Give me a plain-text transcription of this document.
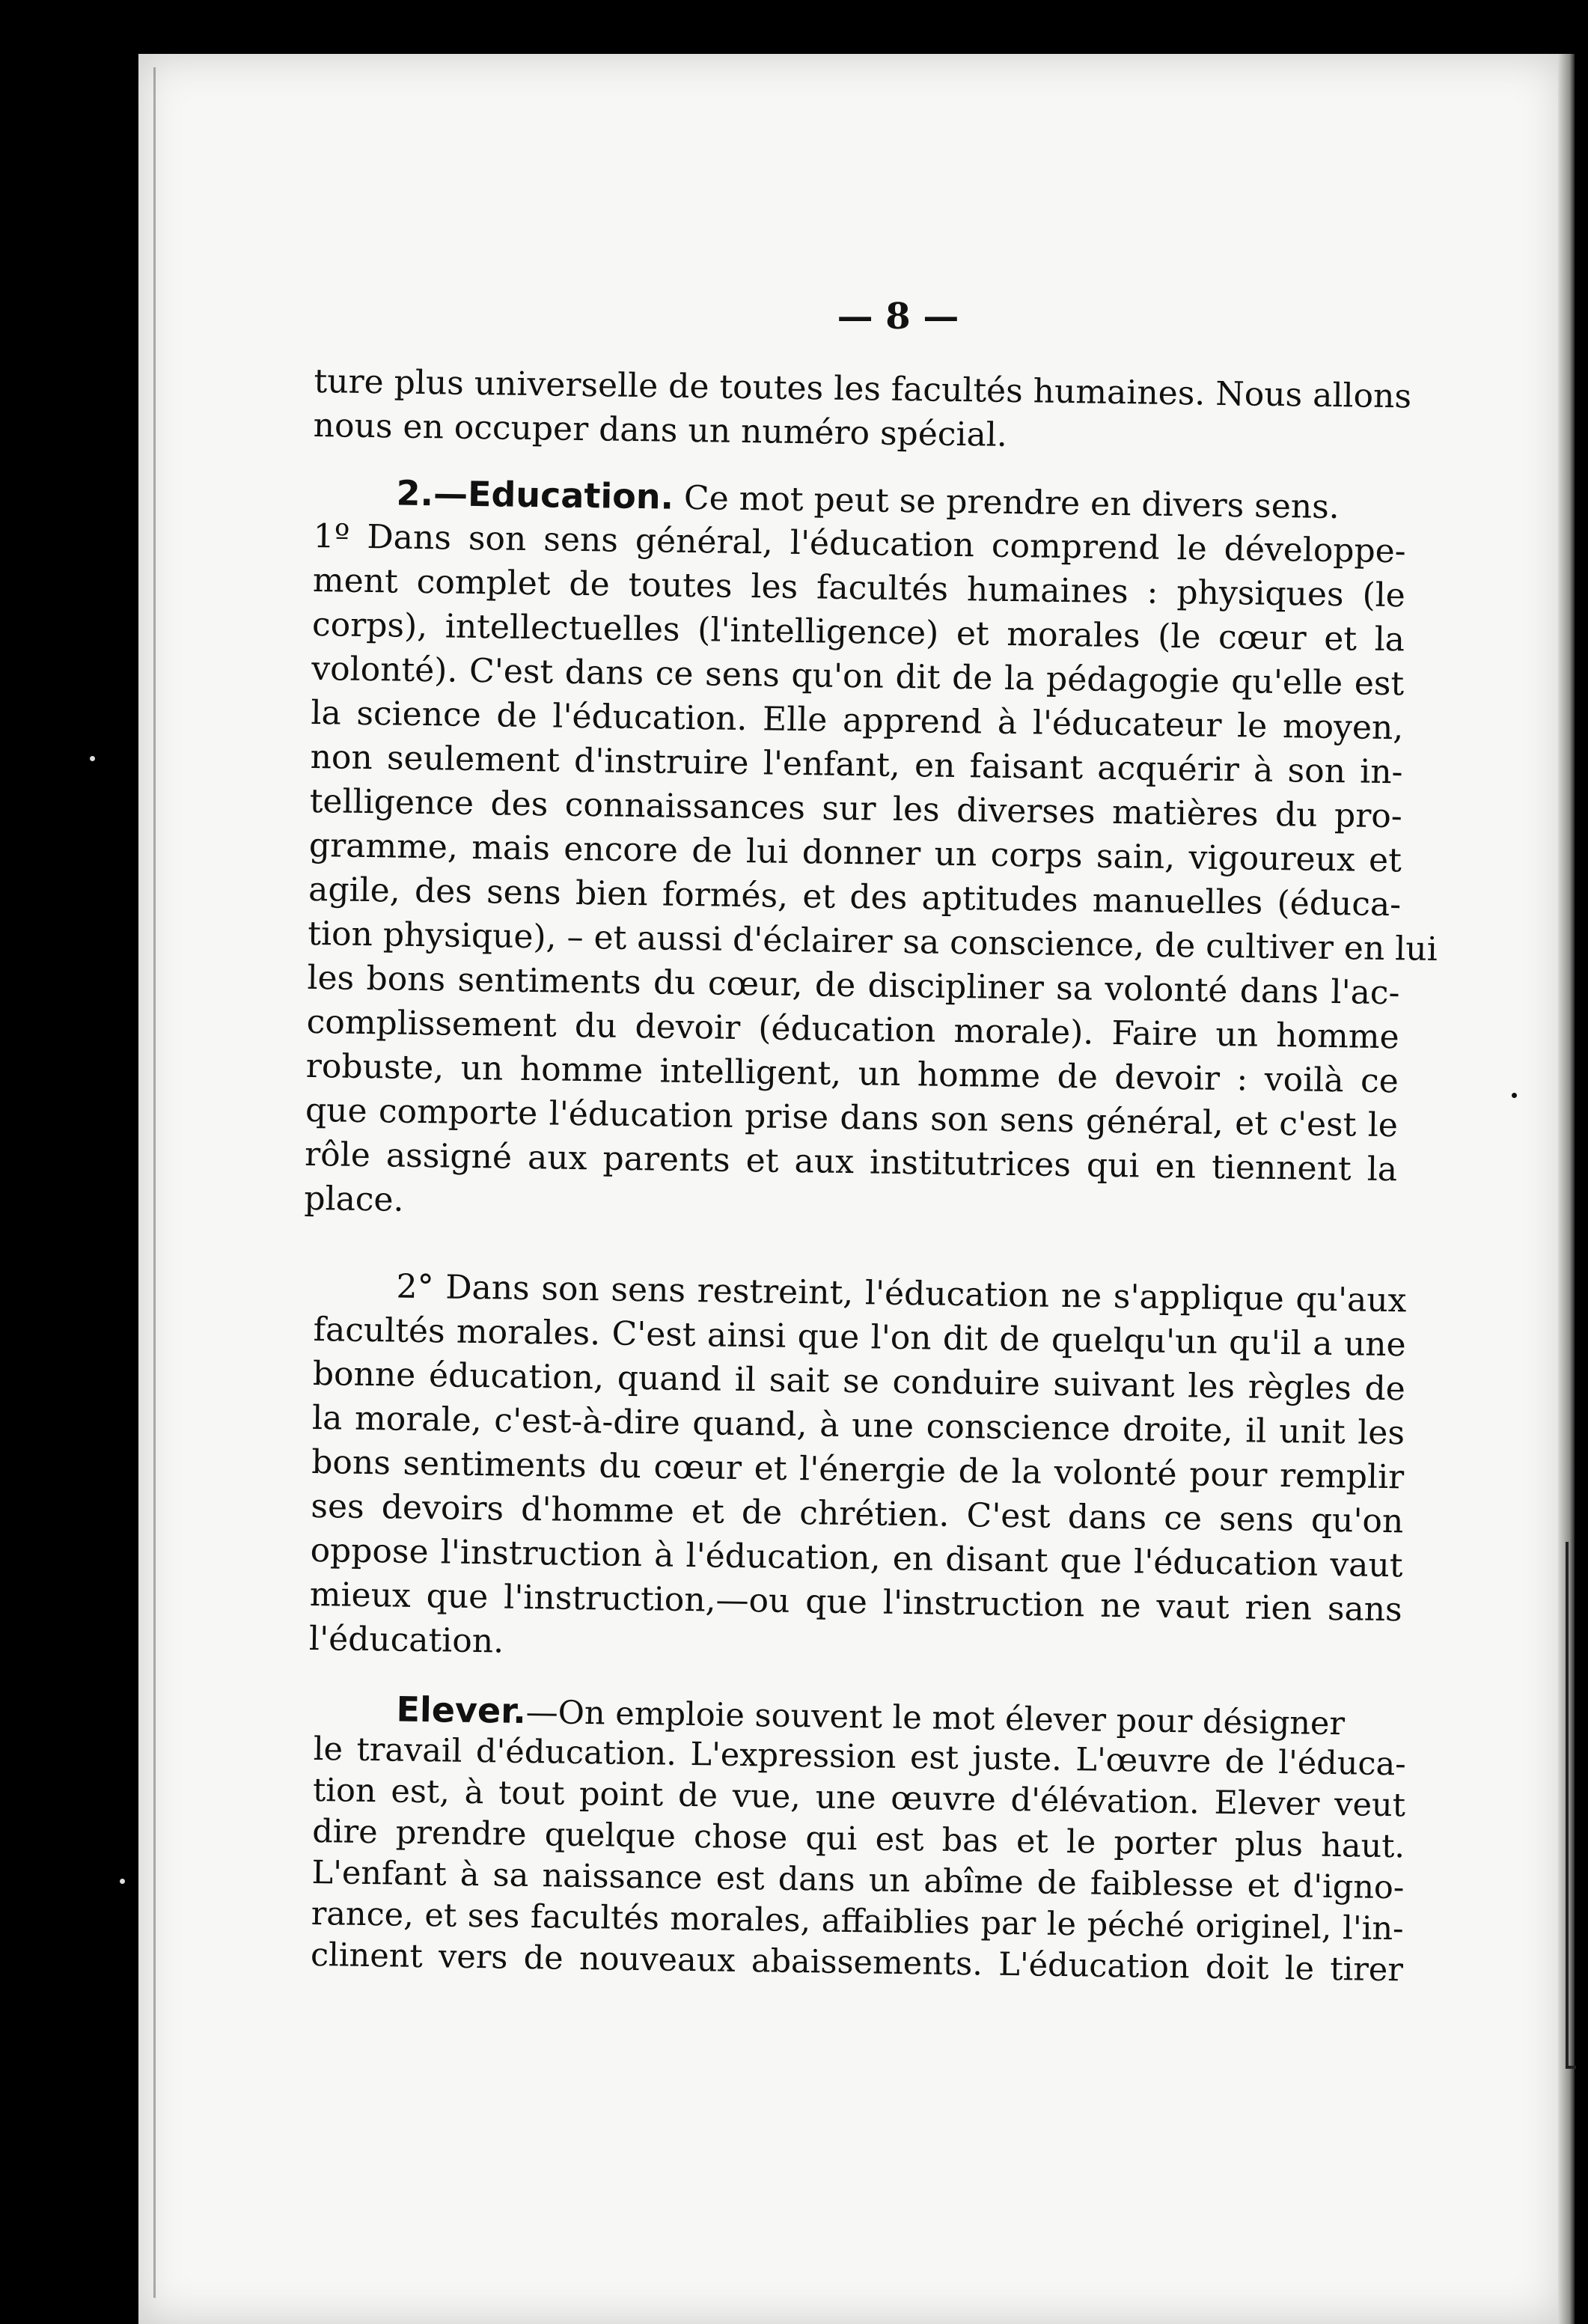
— 8 —
ture plus universelle de toutes les facultés humaines. Nous allons
nous en occuper dans un numéro spécial.
2.—Education. Ce mot peut se prendre en divers sens.
1º Dans son sens général, l'éducation comprend le développe-
ment complet de toutes les facultés humaines : physiques (le
corps), intellectuelles (l'intelligence) et morales (le cœur et la
volonté). C'est dans ce sens qu'on dit de la pédagogie qu'elle est
la science de l'éducation. Elle apprend à l'éducateur le moyen,
non seulement d'instruire l'enfant, en faisant acquérir à son in-
telligence des connaissances sur les diverses matières du pro-
gramme, mais encore de lui donner un corps sain, vigoureux et
agile, des sens bien formés, et des aptitudes manuelles (éduca-
tion physique), – et aussi d'éclairer sa conscience, de cultiver en lui
les bons sentiments du cœur, de discipliner sa volonté dans l'ac-
complissement du devoir (éducation morale). Faire un homme
robuste, un homme intelligent, un homme de devoir : voilà ce
que comporte l'éducation prise dans son sens général, et c'est le
rôle assigné aux parents et aux institutrices qui en tiennent la
place.
2° Dans son sens restreint, l'éducation ne s'applique qu'aux
facultés morales. C'est ainsi que l'on dit de quelqu'un qu'il a une
bonne éducation, quand il sait se conduire suivant les règles de
la morale, c'est-à-dire quand, à une conscience droite, il unit les
bons sentiments du cœur et l'énergie de la volonté pour remplir
ses devoirs d'homme et de chrétien. C'est dans ce sens qu'on
oppose l'instruction à l'éducation, en disant que l'éducation vaut
mieux que l'instruction,—ou que l'instruction ne vaut rien sans
l'éducation.
Elever.—On emploie souvent le mot élever pour désigner
le travail d'éducation. L'expression est juste. L'œuvre de l'éduca-
tion est, à tout point de vue, une œuvre d'élévation. Elever veut
dire prendre quelque chose qui est bas et le porter plus haut.
L'enfant à sa naissance est dans un abîme de faiblesse et d'igno-
rance, et ses facultés morales, affaiblies par le péché originel, l'in-
clinent vers de nouveaux abaissements. L'éducation doit le tirer
